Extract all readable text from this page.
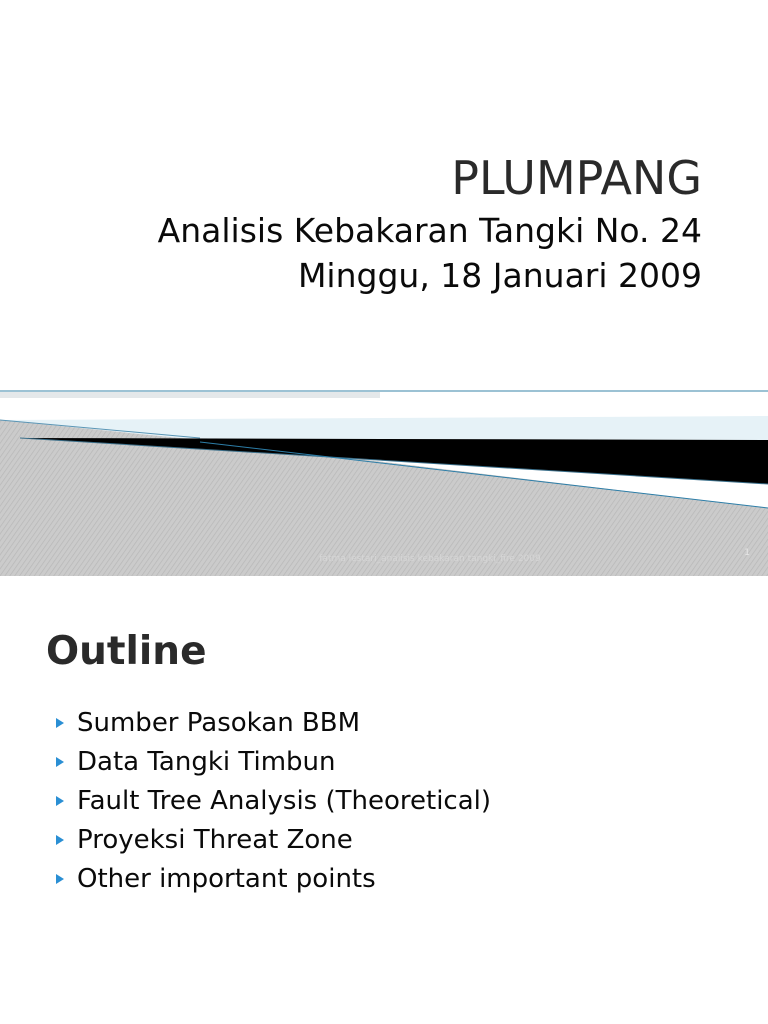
PLUMPANG
Analisis Kebakaran Tangki No. 24
Minggu, 18 Januari 2009
fatma lestari_analisis kebakaran tangki_fire 2009
1
Outline
Sumber Pasokan BBM
Data Tangki Timbun
Fault Tree Analysis (Theoretical)
Proyeksi Threat Zone
Other important points
